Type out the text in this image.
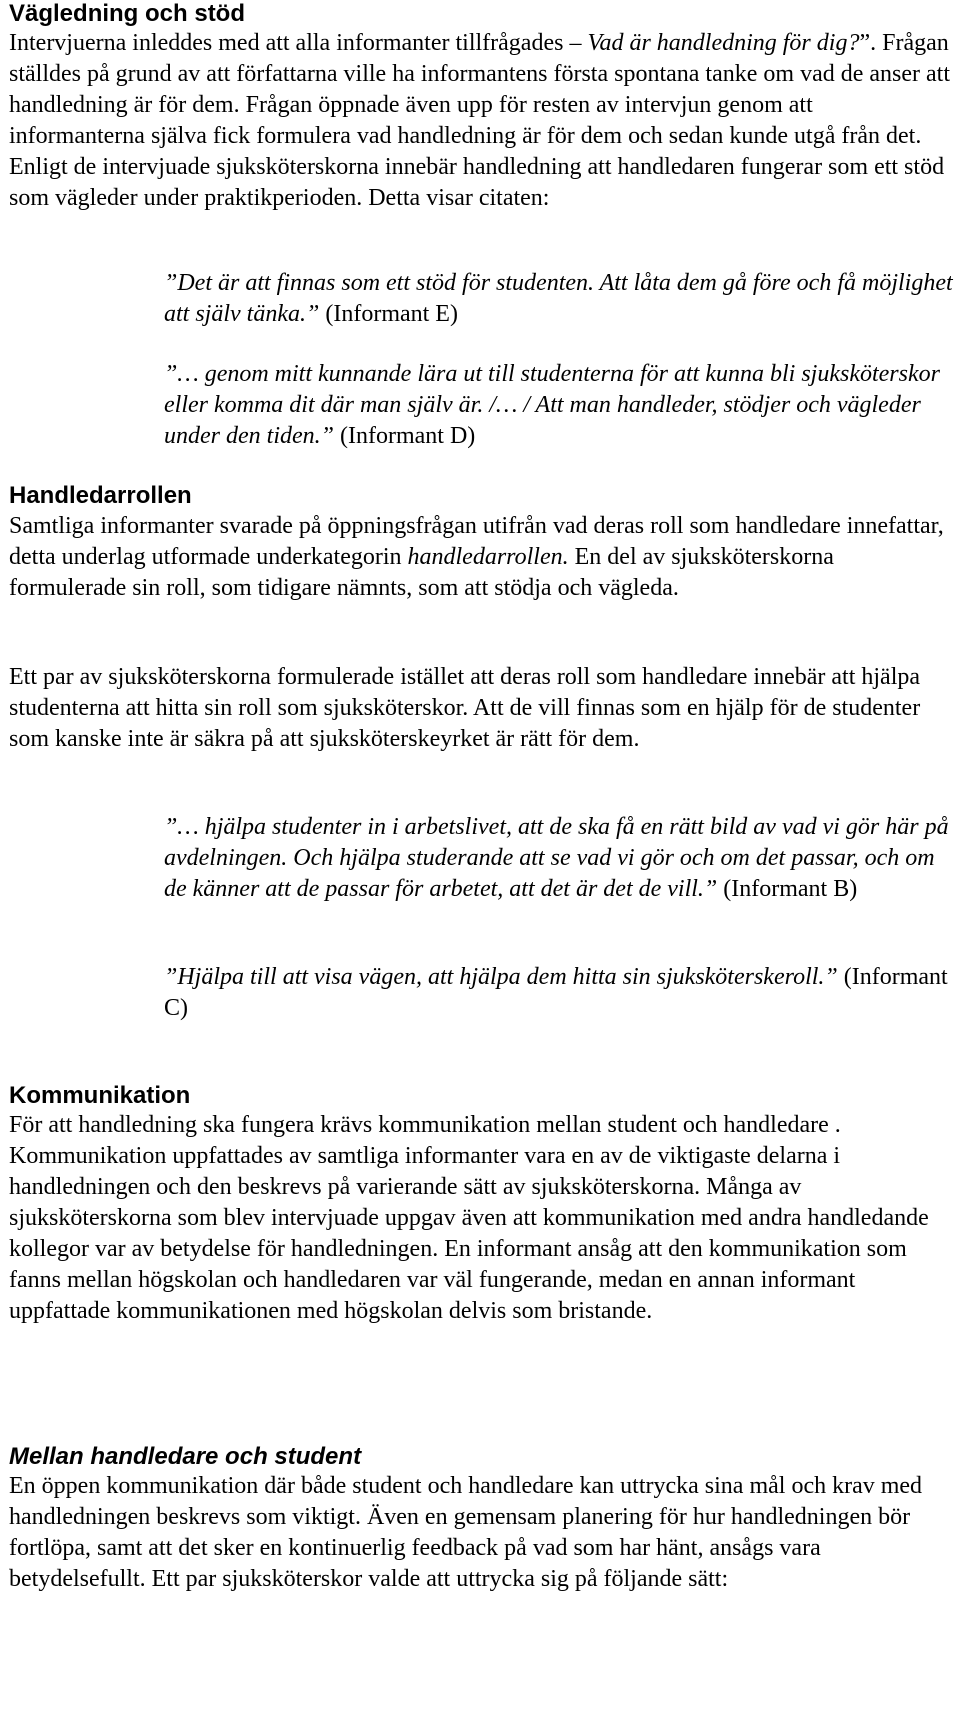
Vägledning och stöd

Intervjuerna inleddes med att alla informanter tillfrågades – Vad är handledning för dig?”. Frågan ställdes på grund av att författarna ville ha informantens första spontana tanke om vad de anser att handledning är för dem. Frågan öppnade även upp för resten av intervjun genom att informanterna själva fick formulera vad handledning är för dem och sedan kunde utgå från det. Enligt de intervjuade sjuksköterskorna innebär handledning att handledaren fungerar som ett stöd som vägleder under praktikperioden. Detta visar citaten:

”Det är att finnas som ett stöd för studenten. Att låta dem gå före och få möjlighet att själv tänka.” (Informant E)

”… genom mitt kunnande lära ut till studenterna för att kunna bli sjuksköterskor eller komma dit där man själv är. /… / Att man handleder, stödjer och vägleder under den tiden.” (Informant D)

Handledarrollen

Samtliga informanter svarade på öppningsfrågan utifrån vad deras roll som handledare innefattar, detta underlag utformade underkategorin handledarrollen. En del av sjuksköterskorna formulerade sin roll, som tidigare nämnts, som att stödja och vägleda.

Ett par av sjuksköterskorna formulerade istället att deras roll som handledare innebär att hjälpa studenterna att hitta sin roll som sjuksköterskor. Att de vill finnas som en hjälp för de studenter som kanske inte är säkra på att sjuksköterskeyrket är rätt för dem.

”… hjälpa studenter in i arbetslivet, att de ska få en rätt bild av vad vi gör här på avdelningen. Och hjälpa studerande att se vad vi gör och om det passar, och om de känner att de passar för arbetet, att det är det de vill.” (Informant B)

”Hjälpa till att visa vägen, att hjälpa dem hitta sin sjuksköterskeroll.” (Informant C)

Kommunikation

För att handledning ska fungera krävs kommunikation mellan student och handledare . Kommunikation uppfattades av samtliga informanter vara en av de viktigaste delarna i handledningen och den beskrevs på varierande sätt av sjuksköterskorna. Många av sjuksköterskorna som blev intervjuade uppgav även att kommunikation med andra handledande kollegor var av betydelse för handledningen. En informant ansåg att den kommunikation som fanns mellan högskolan och handledaren var väl fungerande, medan en annan informant uppfattade kommunikationen med högskolan delvis som bristande.

Mellan handledare och student

En öppen kommunikation där både student och handledare kan uttrycka sina mål och krav med handledningen beskrevs som viktigt. Även en gemensam planering för hur handledningen bör fortlöpa, samt att det sker en kontinuerlig feedback på vad som har hänt, ansågs vara betydelsefullt. Ett par sjuksköterskor valde att uttrycka sig på följande sätt:
